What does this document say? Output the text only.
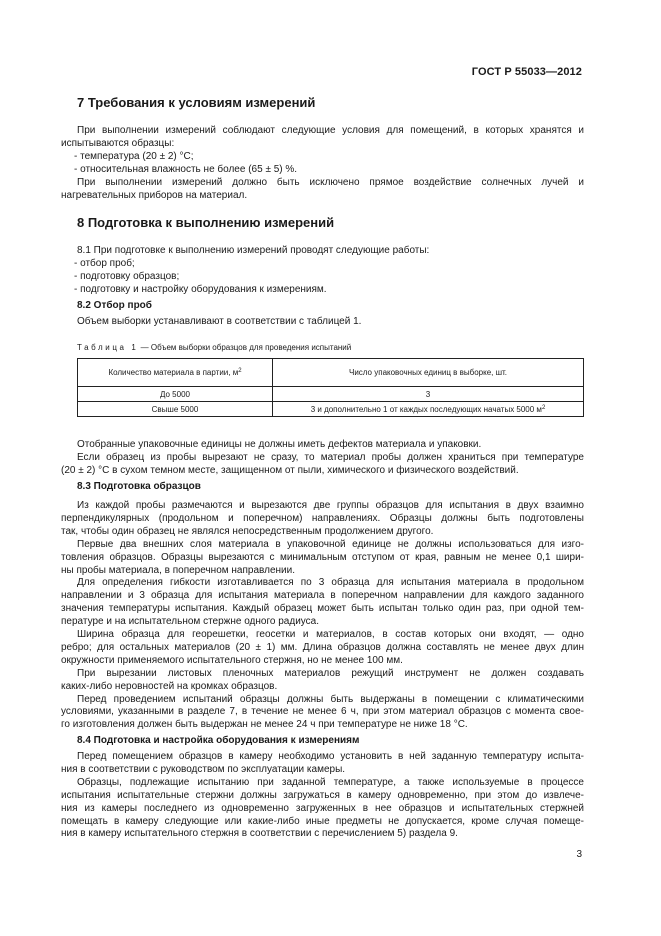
ГОСТ Р 55033—2012
7 Требования к условиям измерений
При выполнении измерений соблюдают следующие условия для помещений, в которых хранятся и
испытываются образцы:
- температура (20 ± 2) °С;
- относительная влажность не более (65 ± 5) %.
При выполнении измерений должно быть исключено прямое воздействие солнечных лучей и
нагревательных приборов на материал.
8 Подготовка к выполнению измерений
8.1 При подготовке к выполнению измерений проводят следующие работы:
- отбор проб;
- подготовку образцов;
- подготовку и настройку оборудования к измерениям.
8.2 Отбор проб
Объем выборки устанавливают в соответствии с таблицей 1.
Таблица 1 — Объем выборки образцов для проведения испытаний
Количество материала в партии, $м^2$	Число упаковочных единиц в выборке, шт.
До 5000	3
Свыше 5000	3 и дополнительно 1 от каждых последующих начатых 5000 $м^2$
Отобранные упаковочные единицы не должны иметь дефектов материала и упаковки.
Если образец из пробы вырезают не сразу, то материал пробы должен храниться при температуре
(20 ± 2) °С в сухом темном месте, защищенном от пыли, химического и физического воздействий.
8.3 Подготовка образцов
Из каждой пробы размечаются и вырезаются две группы образцов для испытания в двух взаимно
перпендикулярных (продольном и поперечном) направлениях. Образцы должны быть подготовлены
так, чтобы один образец не являлся непосредственным продолжением другого.
Первые два внешних слоя материала в упаковочной единице не должны использоваться для изго-
товления образцов. Образцы вырезаются с минимальным отступом от края, равным не менее 0,1 шири-
ны пробы материала, в поперечном направлении.
Для определения гибкости изготавливается по 3 образца для испытания материала в продольном
направлении и 3 образца для испытания материала в поперечном направлении для каждого заданного
значения температуры испытания. Каждый образец может быть испытан только один раз, при одной тем-
пературе и на испытательном стержне одного радиуса.
Ширина образца для георешетки, геосетки и материалов, в состав которых они входят, — одно
ребро; для остальных материалов (20 ± 1) мм. Длина образцов должна составлять не менее двух длин
окружности применяемого испытательного стержня, но не менее 100 мм.
При вырезании листовых пленочных материалов режущий инструмент не должен создавать
каких-либо неровностей на кромках образцов.
Перед проведением испытаний образцы должны быть выдержаны в помещении с климатическими
условиями, указанными в разделе 7, в течение не менее 6 ч, при этом материал образцов с момента свое-
го изготовления должен быть выдержан не менее 24 ч при температуре не ниже 18 °С.
8.4 Подготовка и настройка оборудования к измерениям
Перед помещением образцов в камеру необходимо установить в ней заданную температуру испыта-
ния в соответствии с руководством по эксплуатации камеры.
Образцы, подлежащие испытанию при заданной температуре, а также используемые в процессе
испытания испытательные стержни должны загружаться в камеру одновременно, при этом до извлече-
ния из камеры последнего из одновременно загруженных в нее образцов и испытательных стержней
помещать в камеру следующие или какие-либо иные предметы не допускается, кроме случая помеще-
ния в камеру испытательного стержня в соответствии с перечислением 5) раздела 9.
3
